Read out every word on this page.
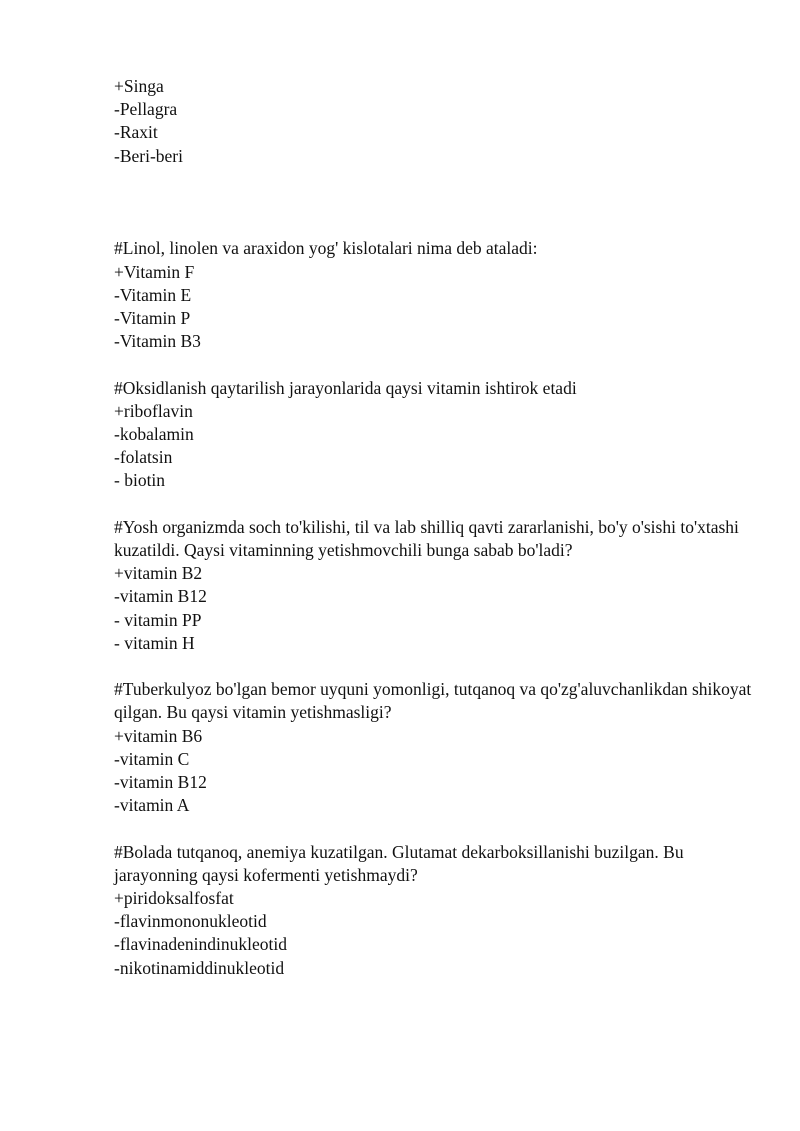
+Singa
-Pellagra
-Raxit
-Beri-beri
#Linol, linolen va araxidon yog' kislotalari nima deb ataladi:
+Vitamin F
-Vitamin E
-Vitamin P
-Vitamin B3
#Oksidlanish qaytarilish jarayonlarida qaysi vitamin ishtirok etadi
+riboflavin
-kobalamin
-folatsin
- biotin
#Yosh organizmda soch to'kilishi, til va lab shilliq qavti zararlanishi, bo'y o'sishi to'xtashi kuzatildi. Qaysi vitaminning yetishmovchili bunga sabab bo'ladi?
+vitamin B2
-vitamin B12
- vitamin PP
- vitamin H
#Tuberkulyoz bo'lgan bemor uyquni yomonligi, tutqanoq va qo'zg'aluvchanlikdan shikoyat qilgan. Bu qaysi vitamin yetishmasligi?
+vitamin B6
-vitamin C
-vitamin B12
-vitamin A
#Bolada tutqanoq, anemiya kuzatilgan. Glutamat dekarboksillanishi buzilgan. Bu jarayonning qaysi kofermenti yetishmaydi?
+piridoksalfosfat
-flavinmononukleotid
-flavinadenindinukleotid
-nikotinamiddinukleotid
